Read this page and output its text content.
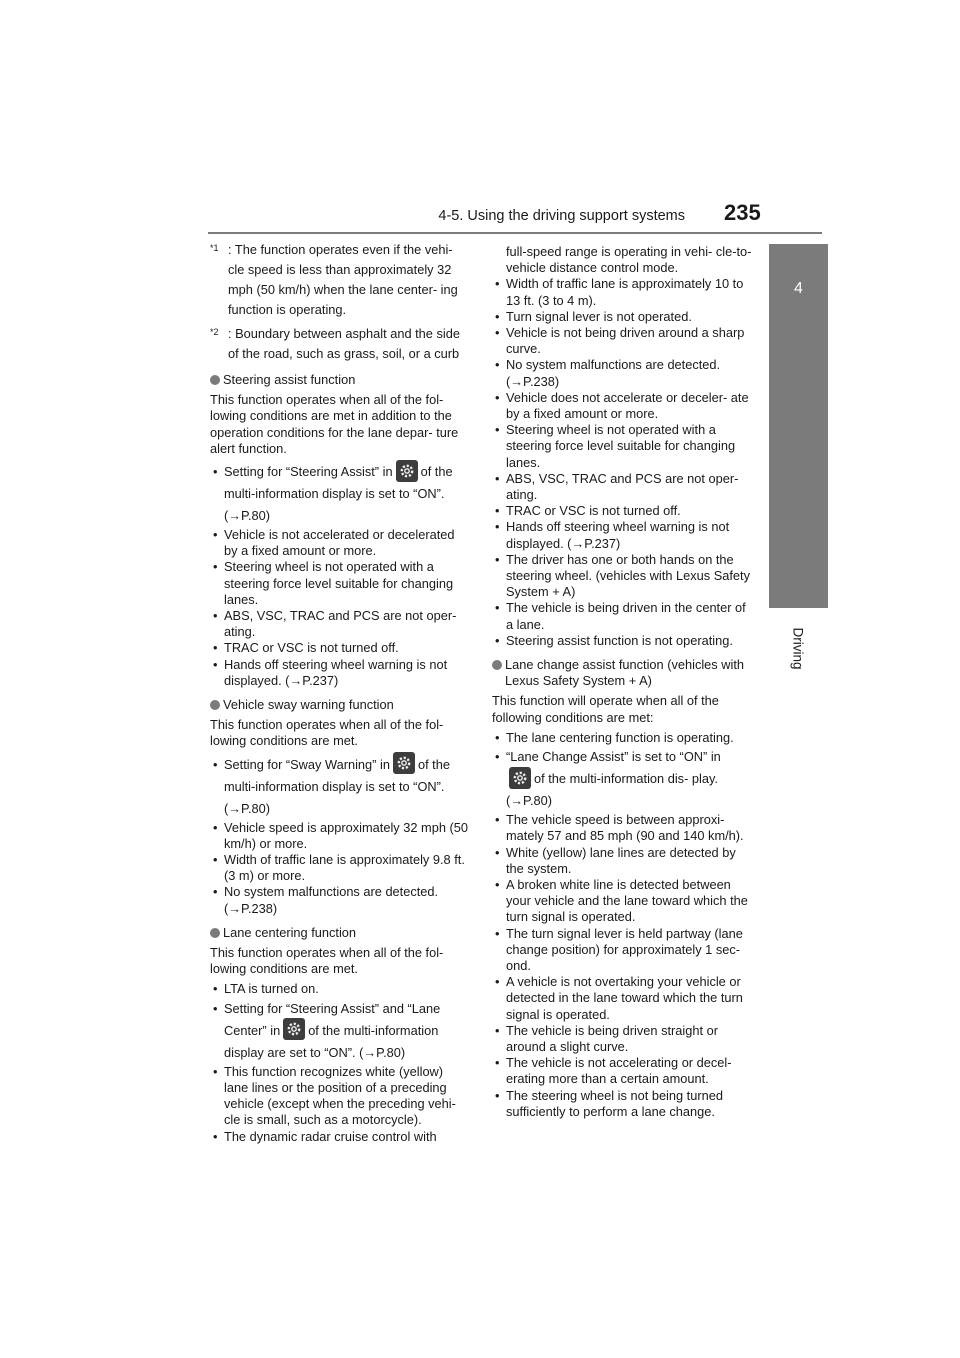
4-5. Using the driving support systems 235
4
Driving
$^{*1}$ : The function operates even if the vehi- cle speed is less than approximately 32 mph (50 km/h) when the lane center- ing function is operating.
$^{*2}$ : Boundary between asphalt and the side of the road, such as grass, soil, or a curb
Steering assist function
This function operates when all of the fol- lowing conditions are met in addition to the operation conditions for the lane depar- ture alert function.
• Setting for “Steering Assist” in of the multi-information display is set to “ON”. (→P.80)
• Vehicle is not accelerated or decelerated by a fixed amount or more.
• Steering wheel is not operated with a steering force level suitable for changing lanes.
• ABS, VSC, TRAC and PCS are not oper- ating.
• TRAC or VSC is not turned off.
• Hands off steering wheel warning is not displayed. (→P.237)
Vehicle sway warning function
This function operates when all of the fol- lowing conditions are met.
• Setting for “Sway Warning” in of the multi-information display is set to “ON”. (→P.80)
• Vehicle speed is approximately 32 mph (50 km/h) or more.
• Width of traffic lane is approximately 9.8 ft. (3 m) or more.
• No system malfunctions are detected. (→P.238)
Lane centering function
This function operates when all of the fol- lowing conditions are met.
• LTA is turned on.
• Setting for “Steering Assist” and “Lane Center” in of the multi-information display are set to “ON”. (→P.80)
• This function recognizes white (yellow) lane lines or the position of a preceding vehicle (except when the preceding vehi- cle is small, such as a motorcycle).
• The dynamic radar cruise control with
full-speed range is operating in vehi- cle-to-vehicle distance control mode.
• Width of traffic lane is approximately 10 to 13 ft. (3 to 4 m).
• Turn signal lever is not operated.
• Vehicle is not being driven around a sharp curve.
• No system malfunctions are detected. (→P.238)
• Vehicle does not accelerate or deceler- ate by a fixed amount or more.
• Steering wheel is not operated with a steering force level suitable for changing lanes.
• ABS, VSC, TRAC and PCS are not oper- ating.
• TRAC or VSC is not turned off.
• Hands off steering wheel warning is not displayed. (→P.237)
• The driver has one or both hands on the steering wheel. (vehicles with Lexus Safety System + A)
• The vehicle is being driven in the center of a lane.
• Steering assist function is not operating.
Lane change assist function (vehicles with Lexus Safety System + A)
This function will operate when all of the following conditions are met:
• The lane centering function is operating.
• “Lane Change Assist” is set to “ON” in

of the multi-information dis- play.(→P.80)
• The vehicle speed is between approxi- mately 57 and 85 mph (90 and 140 km/h).
• White (yellow) lane lines are detected by the system.
• A broken white line is detected between your vehicle and the lane toward which the turn signal is operated.
• The turn signal lever is held partway (lane change position) for approximately 1 sec- ond.
• A vehicle is not overtaking your vehicle or detected in the lane toward which the turn signal is operated.
• The vehicle is being driven straight or around a slight curve.
• The vehicle is not accelerating or decel- erating more than a certain amount.
• The steering wheel is not being turned sufficiently to perform a lane change.
